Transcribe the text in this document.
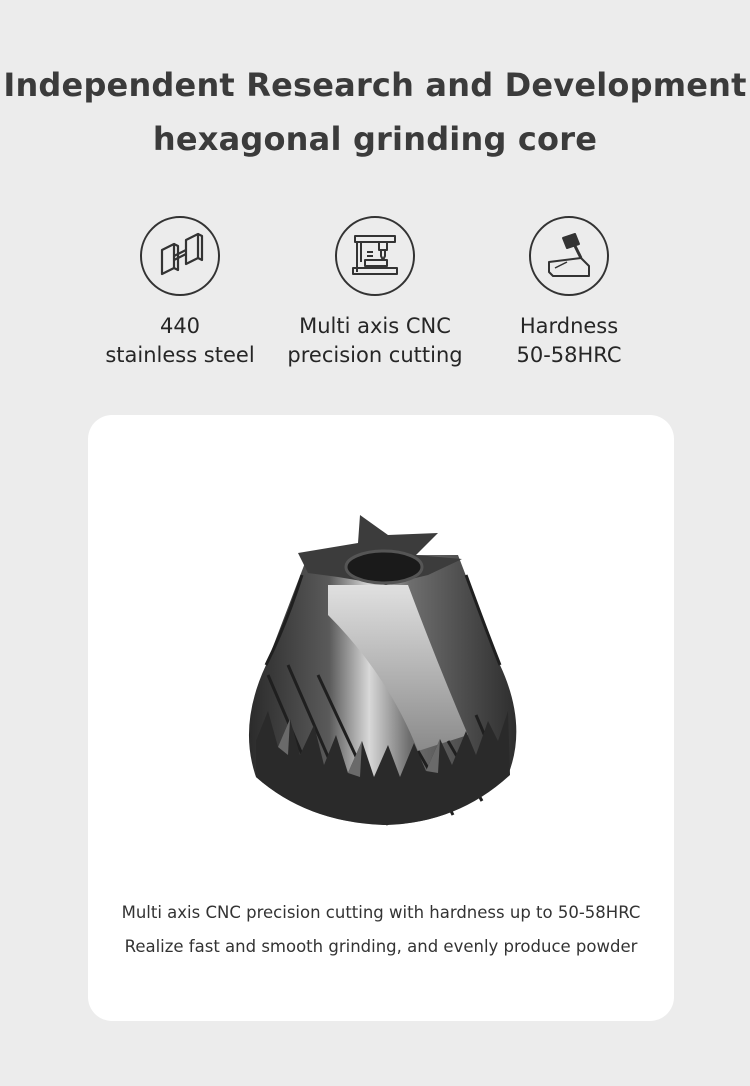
Independent Research and Development
hexagonal grinding core
440
stainless steel
Multi axis CNC
precision cutting
Hardness
50-58HRC
Multi axis CNC precision cutting with hardness up to 50-58HRC
Realize fast and smooth grinding, and evenly produce powder
